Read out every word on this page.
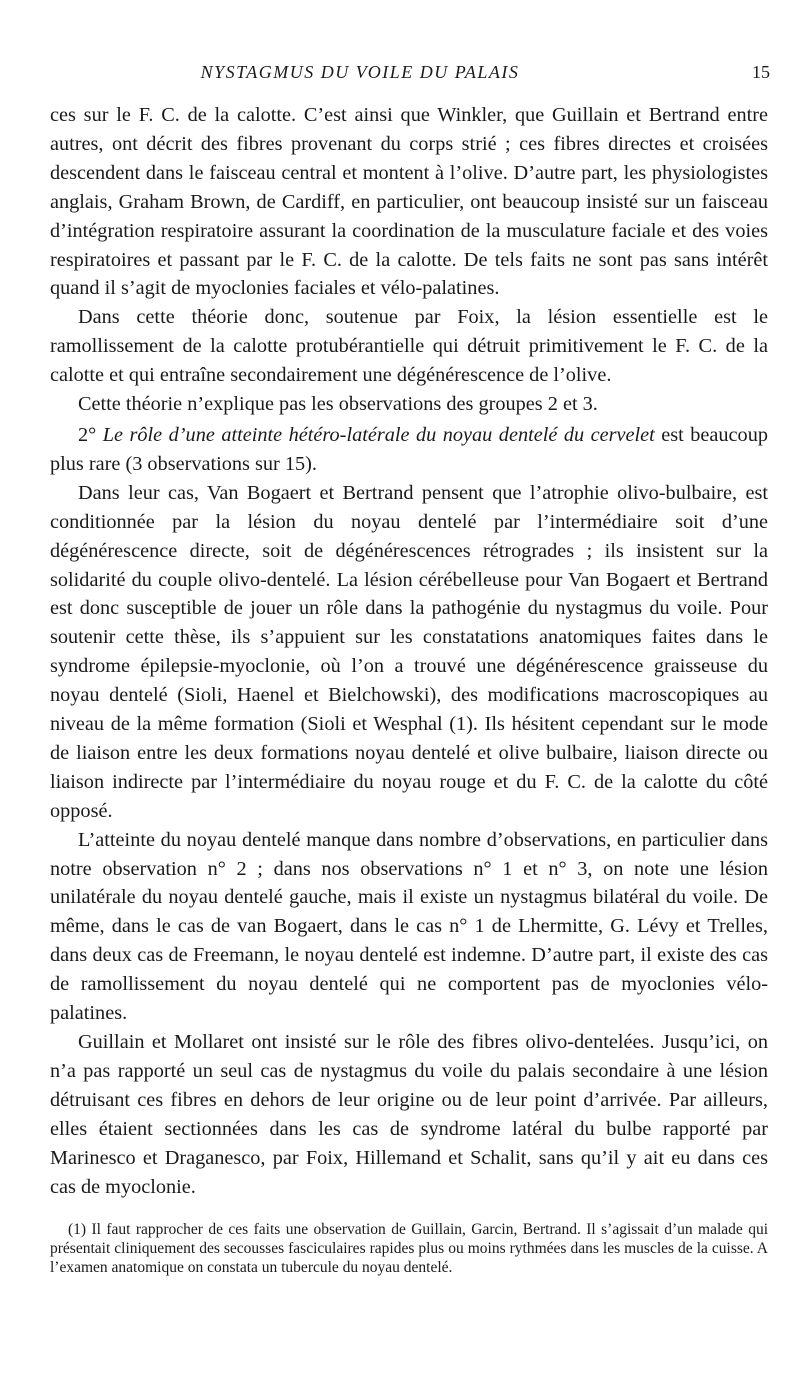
NYSTAGMUS DU VOILE DU PALAIS	15

ces sur le F. C. de la calotte. C’est ainsi que Winkler, que Guillain et Bertrand entre autres, ont décrit des fibres provenant du corps strié ; ces fibres directes et croisées descendent dans le faisceau central et montent à l’olive. D’autre part, les physiologistes anglais, Graham Brown, de Cardiff, en particulier, ont beaucoup insisté sur un faisceau d’intégration respiratoire assurant la coordination de la musculature faciale et des voies respiratoires et passant par le F. C. de la calotte. De tels faits ne sont pas sans intérêt quand il s’agit de myoclonies faciales et vélo-palatines.

Dans cette théorie donc, soutenue par Foix, la lésion essentielle est le ramollissement de la calotte protubérantielle qui détruit primitivement le F. C. de la calotte et qui entraîne secondairement une dégénérescence de l’olive.

Cette théorie n’explique pas les observations des groupes 2 et 3.

2° Le rôle d’une atteinte hétéro-latérale du noyau dentelé du cervelet est beaucoup plus rare (3 observations sur 15).

Dans leur cas, Van Bogaert et Bertrand pensent que l’atrophie olivo-bulbaire, est conditionnée par la lésion du noyau dentelé par l’intermédiaire soit d’une dégénérescence directe, soit de dégénérescences rétrogrades ; ils insistent sur la solidarité du couple olivo-dentelé. La lésion cérébelleuse pour Van Bogaert et Bertrand est donc susceptible de jouer un rôle dans la pathogénie du nystagmus du voile. Pour soutenir cette thèse, ils s’appuient sur les constatations anatomiques faites dans le syndrome épilepsie-myoclonie, où l’on a trouvé une dégénérescence graisseuse du noyau dentelé (Sioli, Haenel et Bielchowski), des modifications macroscopiques au niveau de la même formation (Sioli et Wesphal (1). Ils hésitent cependant sur le mode de liaison entre les deux formations noyau dentelé et olive bulbaire, liaison directe ou liaison indirecte par l’intermédiaire du noyau rouge et du F. C. de la calotte du côté opposé.

L’atteinte du noyau dentelé manque dans nombre d’observations, en particulier dans notre observation n° 2 ; dans nos observations n° 1 et n° 3, on note une lésion unilatérale du noyau dentelé gauche, mais il existe un nystagmus bilatéral du voile. De même, dans le cas de van Bogaert, dans le cas n° 1 de Lhermitte, G. Lévy et Trelles, dans deux cas de Freemann, le noyau dentelé est indemne. D’autre part, il existe des cas de ramollissement du noyau dentelé qui ne comportent pas de myoclonies vélo-palatines.

Guillain et Mollaret ont insisté sur le rôle des fibres olivo-dentelées. Jusqu’ici, on n’a pas rapporté un seul cas de nystagmus du voile du palais secondaire à une lésion détruisant ces fibres en dehors de leur origine ou de leur point d’arrivée. Par ailleurs, elles étaient sectionnées dans les cas de syndrome latéral du bulbe rapporté par Marinesco et Draganesco, par Foix, Hillemand et Schalit, sans qu’il y ait eu dans ces cas de myoclonie.

(1) Il faut rapprocher de ces faits une observation de Guillain, Garcin, Bertrand. Il s’agissait d’un malade qui présentait cliniquement des secousses fasciculaires rapides plus ou moins rythmées dans les muscles de la cuisse. A l’examen anatomique on constata un tubercule du noyau dentelé.
